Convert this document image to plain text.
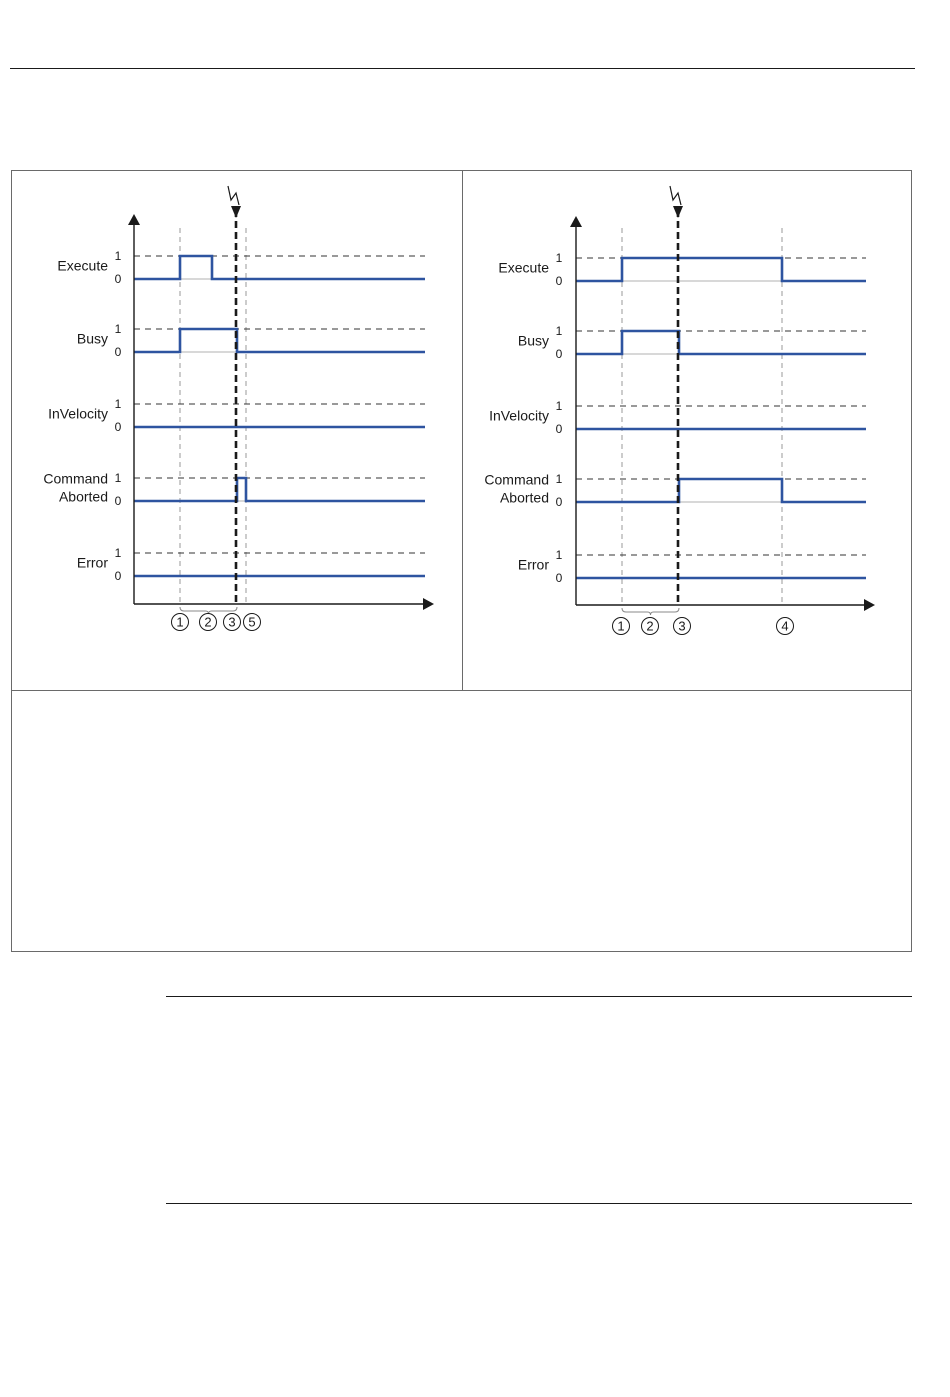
1
0
Execute
1
0
Busy
1
0
InVelocity
1
0
Command
Aborted
1
0
Error
1 2 3 5
1
0
Execute
1
0
Busy
1
0
InVelocity
1
0
Command
Aborted
1
0
Error
1 2 3	4
